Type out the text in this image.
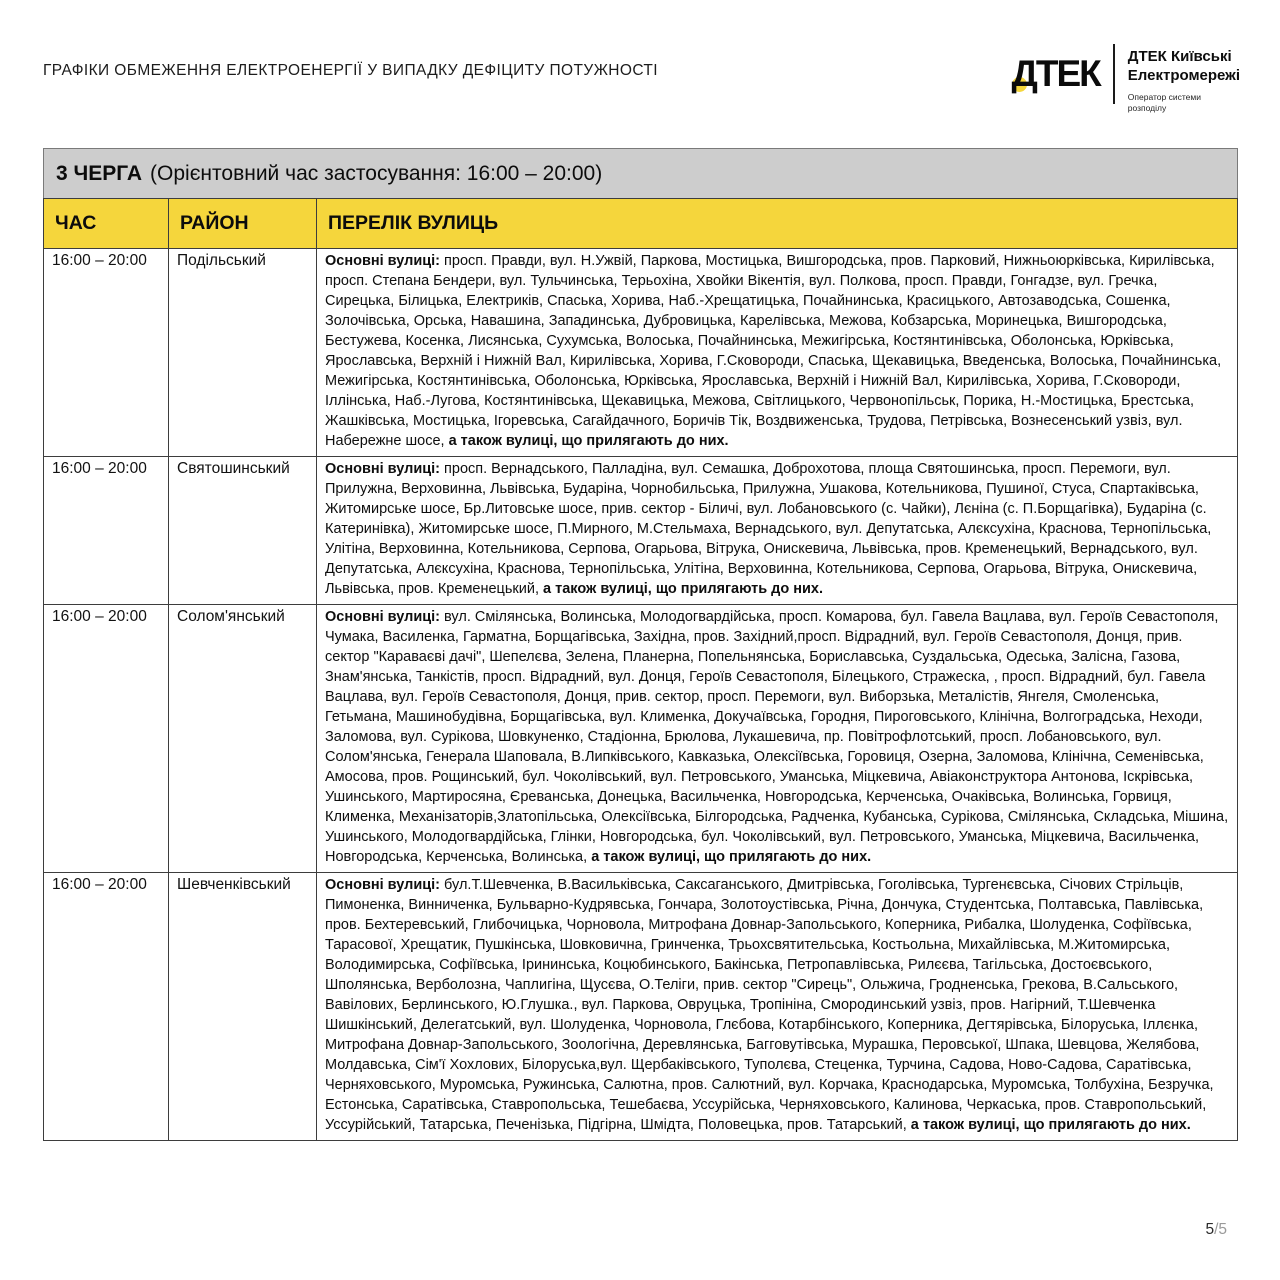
ГРАФІКИ ОБМЕЖЕННЯ ЕЛЕКТРОЕНЕРГІЇ У ВИПАДКУ ДЕФІЦИТУ ПОТУЖНОСТІ	ДТЕК ДТЕК Київські
Електромережі
Оператор системи
розподілу
3 ЧЕРГА (Орієнтовний час застосування: 16:00 – 20:00)
ЧАС	РАЙОН	ПЕРЕЛІК ВУЛИЦЬ
16:00 – 20:00	Подільський	Основні вулиці: просп. Правди, вул. Н.Ужвій, Паркова, Мостицька, Вишгородська, пров. Парковий, Нижньоюрківська, Кирилівська, просп. Степана Бендери, вул. Тульчинська, Терьохіна, Хвойки Вікентія, вул. Полкова, просп. Правди, Гонгадзе, вул. Гречка, Сирецька, Білицька, Електриків, Спаська, Хорива, Наб.-Хрещатицька, Почайнинська, Красицького, Автозаводська, Сошенка, Золочівська, Орська, Навашина, Западинська, Дубровицька, Карелівська, Межова, Кобзарська, Моринецька, Вишгородська, Бестужева, Косенка, Лисянська, Сухумська, Волоська, Почайнинська, Межигірська, Костянтинівська, Оболонська, Юрківська, Ярославська, Верхній і Нижній Вал, Кирилівська, Хорива, Г.Сковороди, Спаська, Щекавицька, Введенська, Волоська, Почайнинська, Межигірська, Костянтинівська, Оболонська, Юрківська, Ярославська, Верхній і Нижній Вал, Кирилівська, Хорива, Г.Сковороди, Іллінська, Наб.-Лугова, Костянтинівська, Щекавицька, Межова, Світлицького, Червонопільськ, Порика, Н.-Мостицька, Брестська, Жашківська, Мостицька, Ігоревська, Сагайдачного, Боричів Тік, Воздвиженська, Трудова, Петрівська, Вознесенський узвіз, вул. Набережне шосе, а також вулиці, що прилягають до них.
16:00 – 20:00	Святошинський	Основні вулиці: просп. Вернадського, Палладіна, вул. Семашка, Доброхотова, площа Святошинська, просп. Перемоги, вул. Прилужна, Верховинна, Львівська, Бударіна, Чорнобильська, Прилужна, Ушакова, Котельникова, Пушиної, Стуса, Спартаківська, Житомирське шосе, Бр.Литовське шосе, прив. сектор - Біличі, вул. Лобановського (с. Чайки), Лєніна (с. П.Борщагівка), Бударіна (с. Катеринівка), Житомирське шосе, П.Мирного, М.Стельмаха, Вернадського, вул. Депутатська, Алєксухіна, Краснова, Тернопільська, Улітіна, Верховинна, Котельникова, Серпова, Огарьова, Вітрука, Онискевича, Львівська, пров. Кременецький, Вернадського, вул. Депутатська, Алєксухіна, Краснова, Тернопільська, Улітіна, Верховинна, Котельникова, Серпова, Огарьова, Вітрука, Онискевича, Львівська, пров. Кременецький, а також вулиці, що прилягають до них.
16:00 – 20:00	Солом'янський	Основні вулиці: вул. Смілянська, Волинська, Молодогвардійська, просп. Комарова, бул. Гавела Вацлава, вул. Героїв Севастополя, Чумака, Василенка, Гарматна, Борщагівська, Західна, пров. Західний,просп. Відрадний, вул. Героїв Севастополя, Донця, прив. сектор "Караваєві дачі", Шепелєва, Зелена, Планерна, Попельнянська, Бориславська, Суздальська, Одеська, Залісна, Газова, Знам'янська, Танкістів, просп. Відрадний, вул. Донця, Героїв Севастополя, Білецького, Стражеска, , просп. Відрадний, бул. Гавела Вацлава, вул. Героїв Севастополя, Донця, прив. сектор, просп. Перемоги, вул. Виборзька, Металістів, Янгеля, Смоленська, Гетьмана, Машинобудівна, Борщагівська, вул. Клименка, Докучаївська, Городня, Пироговського, Клінічна, Волгоградська, Неходи, Заломова, вул. Сурікова, Шовкуненко, Стадіонна, Брюлова, Лукашевича, пр. Повітрофлотський, просп. Лобановського, вул. Солом'янська, Генерала Шаповала, В.Липківського, Кавказька, Олексіївська, Горовиця, Озерна, Заломова, Клінічна, Семенівська, Амосова, пров. Рощинський, бул. Чоколівський, вул. Петровського, Уманська, Міцкевича, Авіаконструктора Антонова, Іскрівська, Ушинського, Мартиросяна, Єреванська, Донецька, Васильченка, Новгородська, Керченська, Очаківська, Волинська, Горвиця, Клименка, Механізаторів,Златопільська, Олексіївська, Білгородська, Радченка, Кубанська, Сурікова, Смілянська, Складська, Мішина, Ушинського, Молодогвардійська, Глінки, Новгородська, бул. Чоколівський, вул. Петровського, Уманська, Міцкевича, Васильченка, Новгородська, Керченська, Волинська, а також вулиці, що прилягають до них.
16:00 – 20:00	Шевченківський	Основні вулиці: бул.Т.Шевченка, В.Васильківська, Саксаганського, Дмитрівська, Гоголівська, Тургенєвська, Січових Стрільців, Пимоненка, Винниченка, Бульварно-Кудрявська, Гончара, Золотоустівська, Річна, Дончука, Студентська, Полтавська, Павлівська, пров. Бехтеревський, Глибочицька, Чорновола, Митрофана Довнар-Запольського, Коперника, Рибалка, Шолуденка, Софіївська, Тарасової, Хрещатик, Пушкінська, Шовковична, Гринченка, Трьохсвятительська, Костьольна, Михайлівська, М.Житомирська, Володимирська, Софіївська, Ірининська, Коцюбинського, Бакінська, Петропавлівська, Рилєєва, Тагільська, Достоєвського, Шполянська, Верболозна, Чаплигіна, Щусєва, О.Теліги, прив. сектор "Сирець", Ольжича, Гродненська, Грекова, В.Сальського, Вавілових, Берлинського, Ю.Глушка., вул. Паркова, Овруцька, Тропініна, Смородинський узвіз, пров. Нагірний, Т.Шевченка Шишкінський, Делегатський, вул. Шолуденка, Чорновола, Глєбова, Котарбінського, Коперника, Дегтярівська, Білоруська, Іллєнка, Митрофана Довнар-Запольського, Зоологічна, Деревлянська, Багговутівська, Мурашка, Перовської, Шпака, Шевцова, Желябова, Молдавська, Сім'ї Хохлових, Білоруська,вул. Щербаківського, Туполєва, Стеценка, Турчина, Садова, Ново-Садова, Саратівська, Черняховського, Муромська, Ружинська, Салютна, пров. Салютний, вул. Корчака, Краснодарська, Муромська, Толбухіна, Безручка, Естонська, Саратівська, Ставропольська, Тешебаєва, Уссурійська, Черняховського, Калинова, Черкаська, пров. Ставропольський, Уссурійський, Татарська, Печенізька, Підгірна, Шмідта, Половецька, пров. Татарський, а також вулиці, що прилягають до них.
5/5
